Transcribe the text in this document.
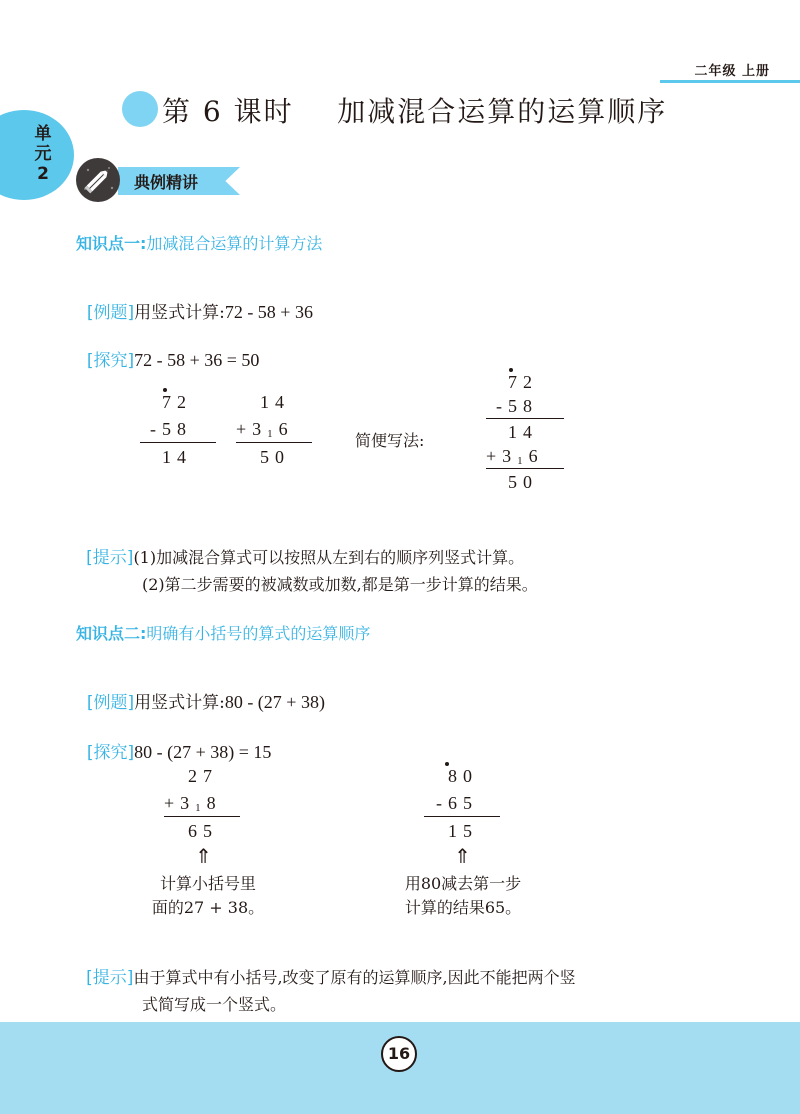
二年级 上册
单
元
2
第 6 课时    加减混合运算的运算顺序
典例精讲
知识点一:加减混合运算的计算方法

[例题]用竖式计算:72 - 58 + 36

[探究]72 - 58 + 36 = 50

72
-58
14
14
+316
50
简便写法:
72
-58
14
+316
50

[提示](1)加减混合算式可以按照从左到右的顺序列竖式计算。

(2)第二步需要的被减数或加数,都是第一步计算的结果。
知识点二:明确有小括号的算式的运算顺序

[例题]用竖式计算:80 - (27 + 38)

[探究]80 - (27 + 38) = 15

27
+318
65
⇑
计算小括号里
面的27 + 38。
80
-65
15
⇑
用80减去第一步
计算的结果65。

[提示]由于算式中有小括号,改变了原有的运算顺序,因此不能把两个竖

式简写成一个竖式。
16
